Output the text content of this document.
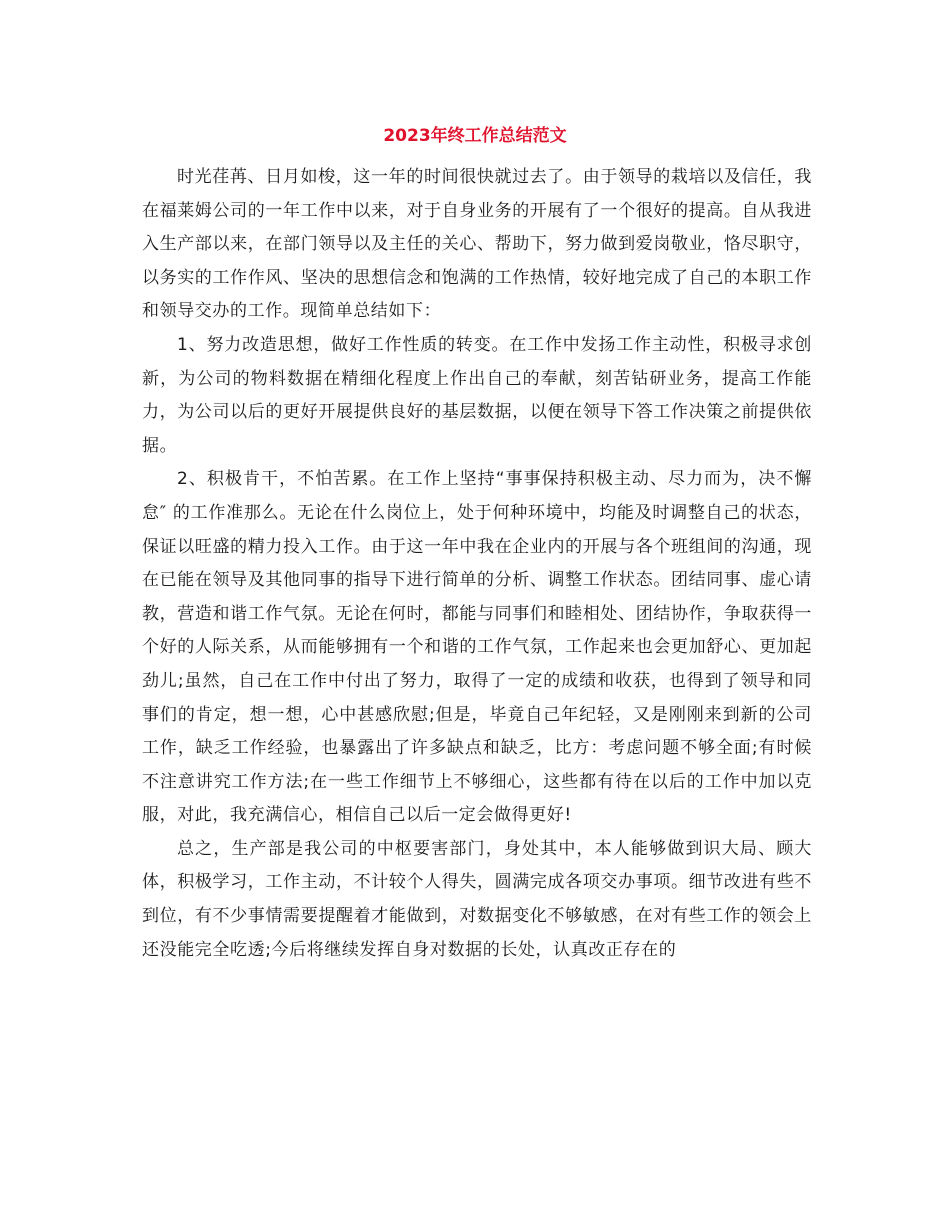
2023年终工作总结范文

时光荏苒、日月如梭，这一年的时间很快就过去了。由于领导的栽培以及信任，我在福莱姆公司的一年工作中以来，对于自身业务的开展有了一个很好的提高。自从我进入生产部以来，在部门领导以及主任的关心、帮助下，努力做到爱岗敬业，恪尽职守，以务实的工作作风、坚决的思想信念和饱满的工作热情，较好地完成了自己的本职工作和领导交办的工作。现简单总结如下：

1、努力改造思想，做好工作性质的转变。在工作中发扬工作主动性，积极寻求创新，为公司的物料数据在精细化程度上作出自己的奉献，刻苦钻研业务，提高工作能力，为公司以后的更好开展提供良好的基层数据，以便在领导下答工作决策之前提供依据。

2、积极肯干，不怕苦累。在工作上坚持“事事保持积极主动、尽力而为，决不懈怠″ 的工作准那么。无论在什么岗位上，处于何种环境中，均能及时调整自己的状态，保证以旺盛的精力投入工作。由于这一年中我在企业内的开展与各个班组间的沟通，现在已能在领导及其他同事的指导下进行简单的分析、调整工作状态。团结同事、虚心请教，营造和谐工作气氛。无论在何时，都能与同事们和睦相处、团结协作，争取获得一个好的人际关系，从而能够拥有一个和谐的工作气氛，工作起来也会更加舒心、更加起劲儿;虽然，自己在工作中付出了努力，取得了一定的成绩和收获，也得到了领导和同事们的肯定，想一想，心中甚感欣慰;但是，毕竟自己年纪轻，又是刚刚来到新的公司工作，缺乏工作经验，也暴露出了许多缺点和缺乏，比方：考虑问题不够全面;有时候不注意讲究工作方法;在一些工作细节上不够细心，这些都有待在以后的工作中加以克服，对此，我充满信心，相信自己以后一定会做得更好!

总之，生产部是我公司的中枢要害部门，身处其中，本人能够做到识大局、顾大体，积极学习，工作主动，不计较个人得失，圆满完成各项交办事项。细节改进有些不到位，有不少事情需要提醒着才能做到，对数据变化不够敏感，在对有些工作的领会上还没能完全吃透;今后将继续发挥自身对数据的长处，认真改正存在的
